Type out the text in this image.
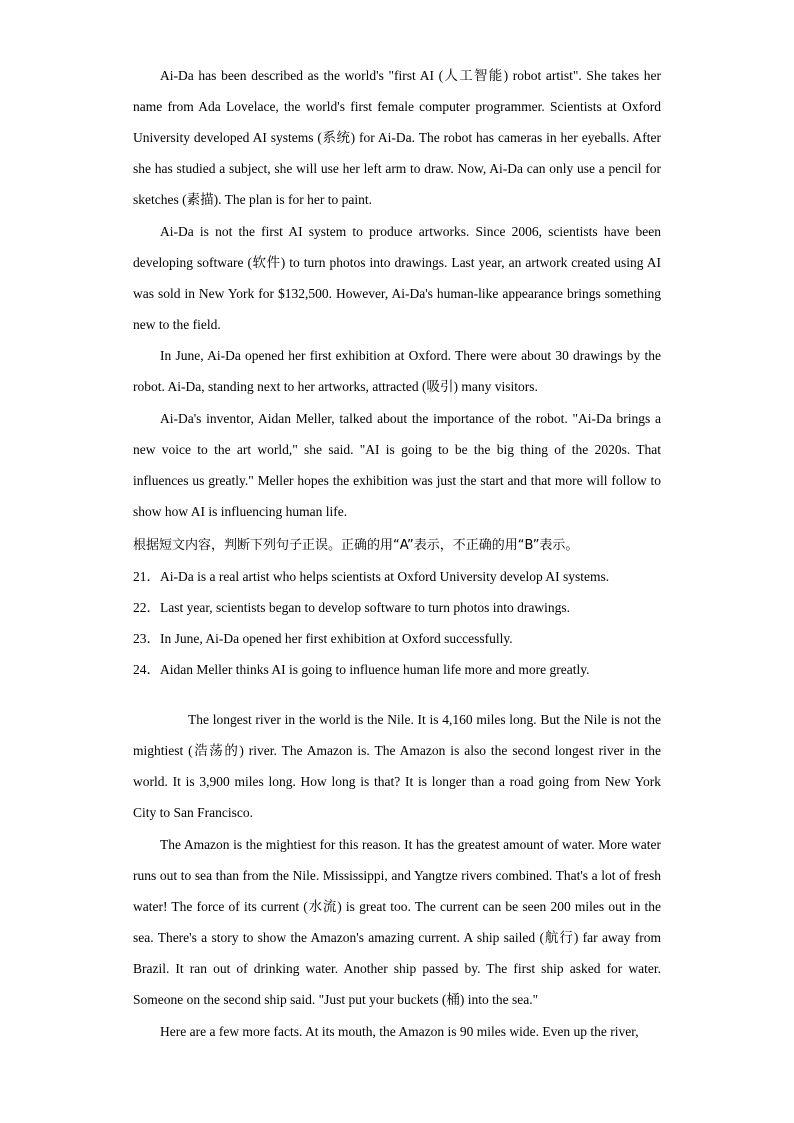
Ai-Da has been described as the world's "first AI (人工智能) robot artist". She takes her name from Ada Lovelace, the world's first female computer programmer. Scientists at Oxford University developed AI systems (系统) for Ai-Da. The robot has cameras in her eyeballs. After she has studied a subject, she will use her left arm to draw. Now, Ai-Da can only use a pencil for sketches (素描). The plan is for her to paint.

Ai-Da is not the first AI system to produce artworks. Since 2006, scientists have been developing software (软件) to turn photos into drawings. Last year, an artwork created using AI was sold in New York for $132,500. However, Ai-Da's human-like appearance brings something new to the field.

In June, Ai-Da opened her first exhibition at Oxford. There were about 30 drawings by the robot. Ai-Da, standing next to her artworks, attracted (吸引) many visitors.

Ai-Da's inventor, Aidan Meller, talked about the importance of the robot. "Ai-Da brings a new voice to the art world," she said. "AI is going to be the big thing of the 2020s. That influences us greatly." Meller hopes the exhibition was just the start and that more will follow to show how AI is influencing human life.

根据短文内容，判断下列句子正误。正确的用“A”表示，不正确的用“B”表示。
21．Ai-Da is a real artist who helps scientists at Oxford University develop AI systems.
22．Last year, scientists began to develop software to turn photos into drawings.
23．In June, Ai-Da opened her first exhibition at Oxford successfully.
24．Aidan Meller thinks AI is going to influence human life more and more greatly.

The longest river in the world is the Nile. It is 4,160 miles long. But the Nile is not the mightiest (浩荡的) river. The Amazon is. The Amazon is also the second longest river in the world. It is 3,900 miles long. How long is that? It is longer than a road going from New York City to San Francisco.

The Amazon is the mightiest for this reason. It has the greatest amount of water. More water runs out to sea than from the Nile. Mississippi, and Yangtze rivers combined. That's a lot of fresh water! The force of its current (水流) is great too. The current can be seen 200 miles out in the sea. There's a story to show the Amazon's amazing current. A ship sailed (航行) far away from Brazil. It ran out of drinking water. Another ship passed by. The first ship asked for water. Someone on the second ship said. "Just put your buckets (桶) into the sea."

Here are a few more facts. At its mouth, the Amazon is 90 miles wide. Even up the river,
